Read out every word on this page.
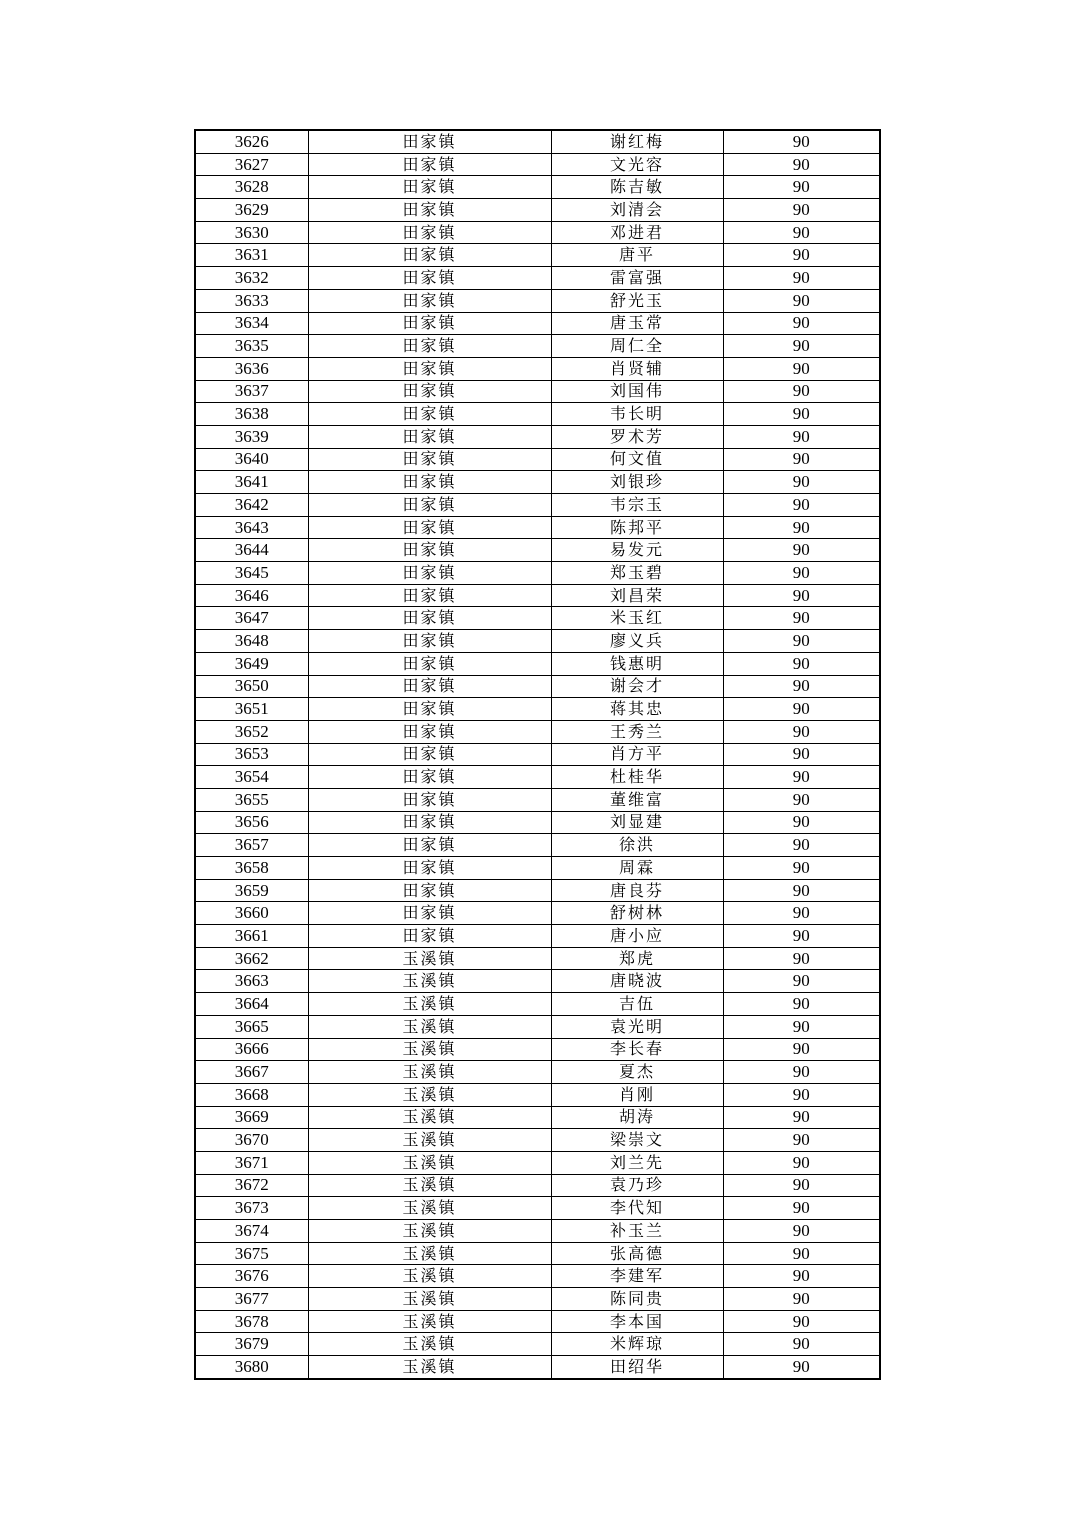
3626	田家镇	谢红梅	90
3627	田家镇	文光容	90
3628	田家镇	陈吉敏	90
3629	田家镇	刘清会	90
3630	田家镇	邓进君	90
3631	田家镇	唐平	90
3632	田家镇	雷富强	90
3633	田家镇	舒光玉	90
3634	田家镇	唐玉常	90
3635	田家镇	周仁全	90
3636	田家镇	肖贤辅	90
3637	田家镇	刘国伟	90
3638	田家镇	韦长明	90
3639	田家镇	罗术芳	90
3640	田家镇	何文值	90
3641	田家镇	刘银珍	90
3642	田家镇	韦宗玉	90
3643	田家镇	陈邦平	90
3644	田家镇	易发元	90
3645	田家镇	郑玉碧	90
3646	田家镇	刘昌荣	90
3647	田家镇	米玉红	90
3648	田家镇	廖义兵	90
3649	田家镇	钱惠明	90
3650	田家镇	谢会才	90
3651	田家镇	蒋其忠	90
3652	田家镇	王秀兰	90
3653	田家镇	肖方平	90
3654	田家镇	杜桂华	90
3655	田家镇	董维富	90
3656	田家镇	刘显建	90
3657	田家镇	徐洪	90
3658	田家镇	周霖	90
3659	田家镇	唐良芬	90
3660	田家镇	舒树林	90
3661	田家镇	唐小应	90
3662	玉溪镇	郑虎	90
3663	玉溪镇	唐晓波	90
3664	玉溪镇	吉伍	90
3665	玉溪镇	袁光明	90
3666	玉溪镇	李长春	90
3667	玉溪镇	夏杰	90
3668	玉溪镇	肖刚	90
3669	玉溪镇	胡涛	90
3670	玉溪镇	梁崇文	90
3671	玉溪镇	刘兰先	90
3672	玉溪镇	袁乃珍	90
3673	玉溪镇	李代知	90
3674	玉溪镇	补玉兰	90
3675	玉溪镇	张高德	90
3676	玉溪镇	李建军	90
3677	玉溪镇	陈同贵	90
3678	玉溪镇	李本国	90
3679	玉溪镇	米辉琼	90
3680	玉溪镇	田绍华	90
